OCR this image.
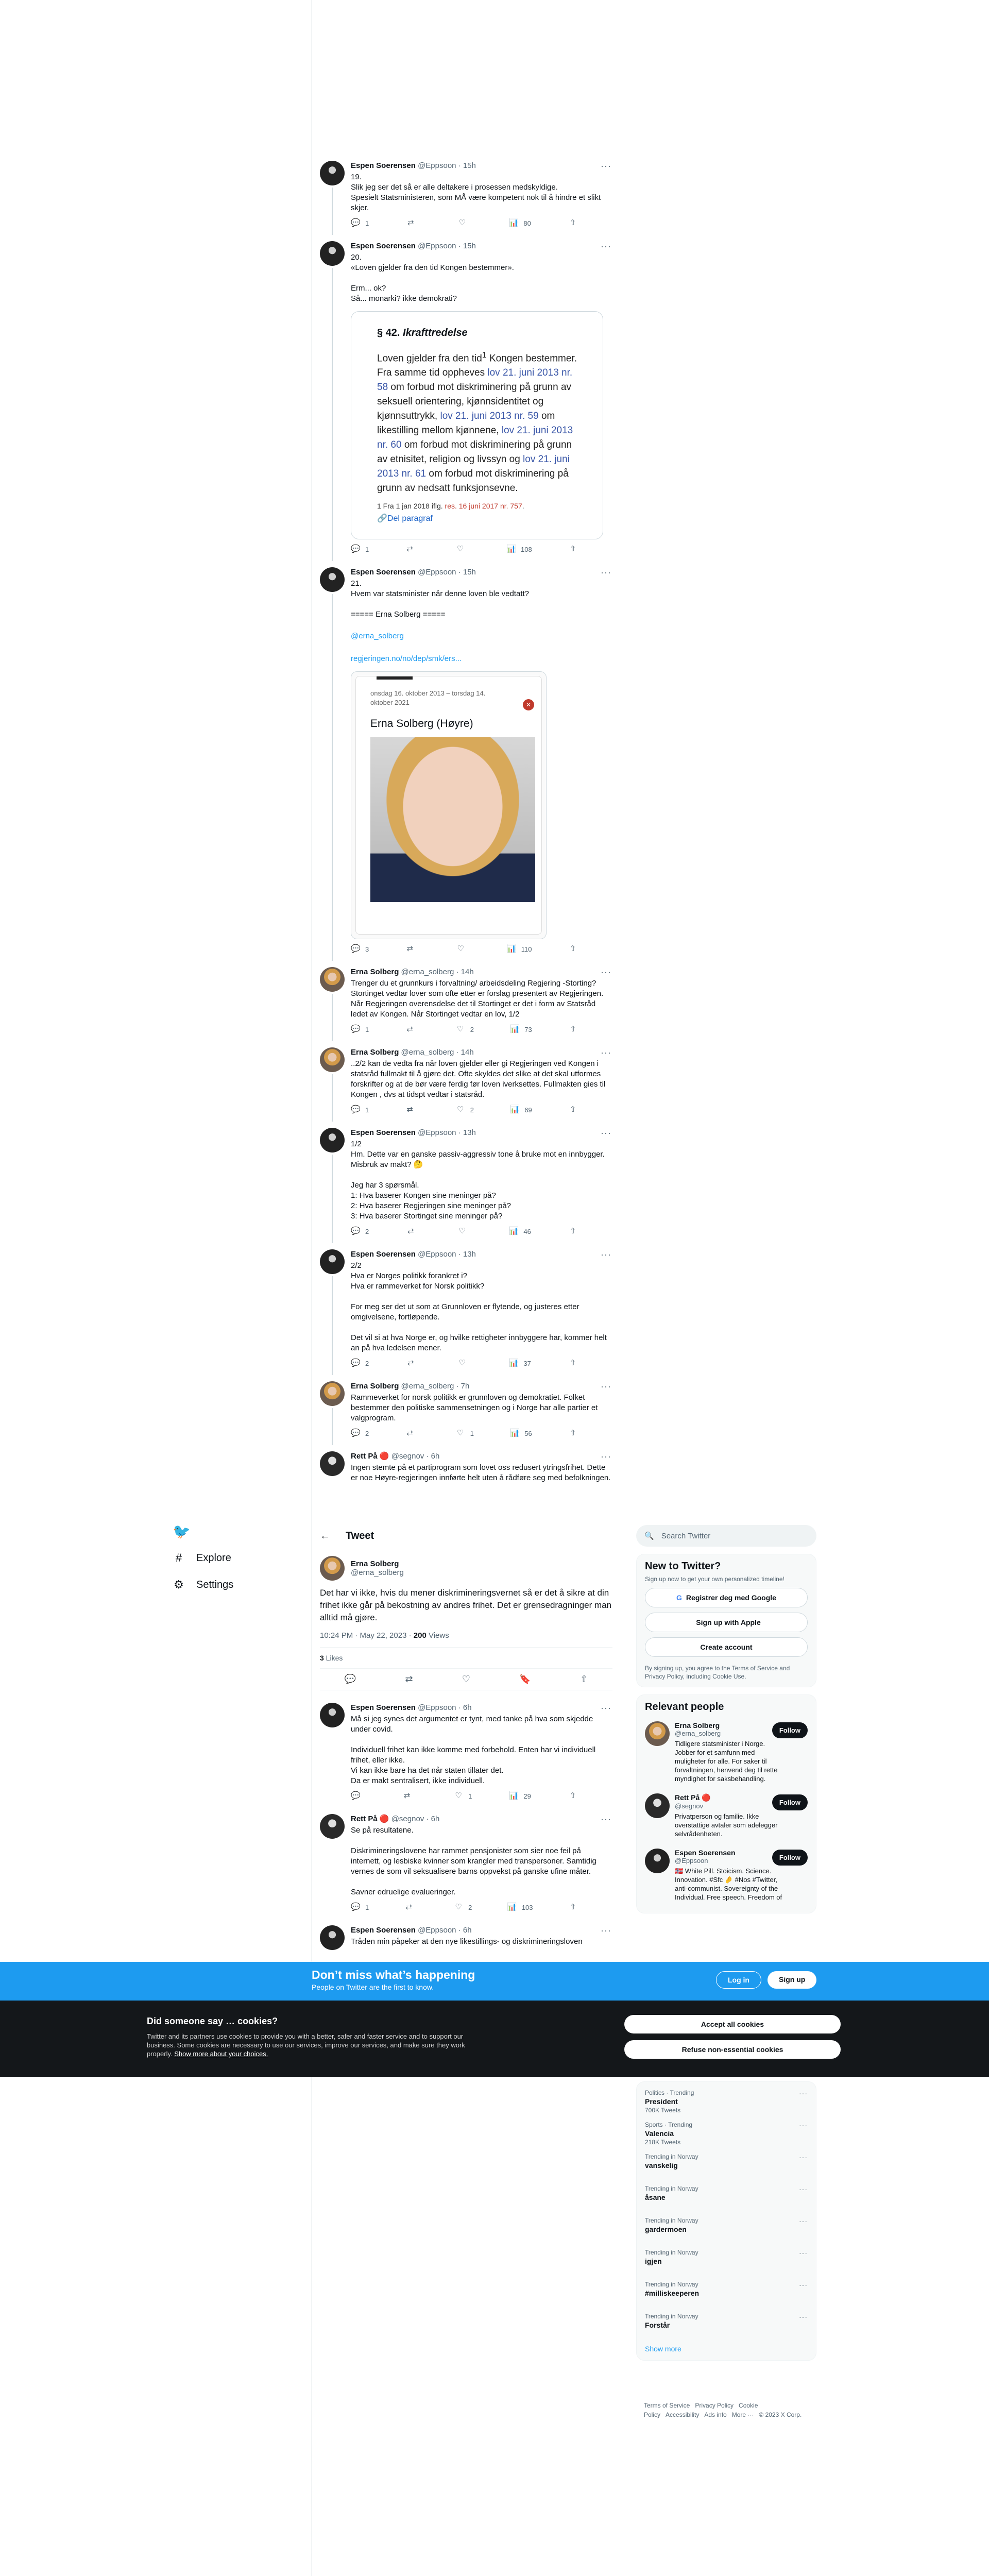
Espen Soerensen @Eppsoon · 15h	···
19.
Slik jeg ser det så er alle deltakere i prosessen medskyldige.
Spesielt Statsministeren, som MÅ være kompetent nok til å hindre et slikt skjer.
💬 1	⇄	♡	📊 80	⇧
Espen Soerensen @Eppsoon · 15h	···
20.
«Loven gjelder fra den tid Kongen bestemmer».

Erm... ok?
Så... monarki? ikke demokrati?
§ 42. Ikrafttredelse
Loven gjelder fra den tid$^1$ Kongen bestemmer. Fra samme tid oppheves lov 21. juni 2013 nr. 58 om forbud mot diskriminering på grunn av seksuell orientering, kjønnsidentitet og kjønnsuttrykk, lov 21. juni 2013 nr. 59 om likestilling mellom kjønnene, lov 21. juni 2013 nr. 60 om forbud mot diskriminering på grunn av etnisitet, religion og livssyn og lov 21. juni 2013 nr. 61 om forbud mot diskriminering på grunn av nedsatt funksjonsevne.
1 Fra 1 jan 2018 iflg. res. 16 juni 2017 nr. 757.
🔗Del paragraf
💬 1	⇄	♡	📊 108	⇧
Espen Soerensen @Eppsoon · 15h	···
21.
Hvem var statsminister når denne loven ble vedtatt?

===== Erna Solberg =====

@erna_solberg

regjeringen.no/no/dep/smk/ers...
onsdag 16. oktober 2013 – torsdag 14. oktober 2021	✕
Erna Solberg (Høyre)
💬 3	⇄	♡	📊 110	⇧
Erna Solberg @erna_solberg · 14h	···
Trenger du et grunnkurs i forvaltning/ arbeidsdeling Regjering -Storting? Stortinget vedtar lover som ofte etter er forslag presentert av Regjeringen. Når Regjeringen overensdelse det til Stortinget er det i form av Statsråd ledet av Kongen. Når Stortinget vedtar en lov, 1/2
💬 1	⇄	♡ 2	📊 73	⇧
Erna Solberg @erna_solberg · 14h	···
..2/2 kan de vedta fra når loven gjelder eller gi Regjeringen ved Kongen i statsråd fullmakt til å gjøre det. Ofte skyldes det slike at det skal utformes forskrifter og at de bør være ferdig før loven iverksettes. Fullmakten gies til Kongen , dvs at tidspt vedtar i statsråd.
💬 1	⇄	♡ 2	📊 69	⇧
Espen Soerensen @Eppsoon · 13h	···
1/2
Hm. Dette var en ganske passiv-aggressiv tone å bruke mot en innbygger. Misbruk av makt? 🤔

Jeg har 3 spørsmål.
1: Hva baserer Kongen sine meninger på?
2: Hva baserer Regjeringen sine meninger på?
3: Hva baserer Stortinget sine meninger på?
💬 2	⇄	♡	📊 46	⇧
Espen Soerensen @Eppsoon · 13h	···
2/2
Hva er Norges politikk forankret i?
Hva er rammeverket for Norsk politikk?

For meg ser det ut som at Grunnloven er flytende, og justeres etter omgivelsene, fortløpende.

Det vil si at hva Norge er, og hvilke rettigheter innbyggere har, kommer helt an på hva ledelsen mener.
💬 2	⇄	♡	📊 37	⇧
Erna Solberg @erna_solberg · 7h	···
Rammeverket for norsk politikk er grunnloven og demokratiet. Folket bestemmer den politiske sammensetningen og i Norge har alle partier et valgprogram.
💬 2	⇄	♡ 1	📊 56	⇧
Rett På 🔴 @segnov · 6h	···
Ingen stemte på et partiprogram som lovet oss redusert ytringsfrihet. Dette er noe Høyre-regjeringen innførte helt uten å rådføre seg med befolkningen.
🐦
# Explore
⚙ Settings
← Tweet
Erna Solberg
@erna_solberg
Det har vi ikke, hvis du mener diskrimineringsvernet så er det å sikre at din frihet ikke går på bekostning av andres frihet. Det er grensedragninger man alltid må gjøre.
10:24 PM · May 22, 2023 · 200 Views
3 Likes
💬	⇄	♡	🔖	⇧
Espen Soerensen @Eppsoon · 6h	···
Må si jeg synes det argumentet er tynt, med tanke på hva som skjedde under covid.

Individuell frihet kan ikke komme med forbehold. Enten har vi individuell frihet, eller ikke.
Vi kan ikke bare ha det når staten tillater det.
Da er makt sentralisert, ikke individuell.
💬	⇄	♡ 1	📊 29	⇧
Rett På 🔴 @segnov · 6h	···
Se på resultatene.

Diskrimineringslovene har rammet pensjonister som sier noe feil på internett, og lesbiske kvinner som krangler med transpersoner. Samtidig vernes de som vil seksualisere barns oppvekst på ganske ufine måter.

Savner edruelige evalueringer.
💬 1	⇄	♡ 2	📊 103	⇧
Espen Soerensen @Eppsoon · 6h	···
Tråden min påpeker at den nye likestillings- og diskrimineringsloven
🔍 Search Twitter
New to Twitter?
Sign up now to get your own personalized timeline!
G Registrer deg med Google
Sign up with Apple
Create account
By signing up, you agree to the Terms of Service and Privacy Policy, including Cookie Use.
Relevant people
Erna Solberg
@erna_solberg
Tidligere statsminister i Norge. Jobber for et samfunn med muligheter for alle. For saker til forvaltningen, henvend deg til rette myndighet for saksbehandling.
Follow
Rett På 🔴
@segnov
Privatperson og familie. Ikke overstattige avtaler som adelegger selvrådenheten.
Follow
Espen Soerensen
@Eppsoon
🇳🇴 White Pill. Stoicism. Science. Innovation. #Sfc 🤌 #Nos #Twitter, anti-communist. Sovereignty of the Individual. Free speech. Freedom of
Follow
Politics · Trending
President
700K Tweets
···
Sports · Trending
Valencia
218K Tweets
···
Trending in Norway
vanskelig
···
Trending in Norway
åsane
···
Trending in Norway
gardermoen
···
Trending in Norway
igjen
···
Trending in Norway
#milliskeeperen
···
Trending in Norway
Forstår
···
Show more
Terms of Service Privacy Policy Cookie Policy Accessibility Ads info More ··· © 2023 X Corp.
Don’t miss what’s happening
People on Twitter are the first to know.
Log in	Sign up
Did someone say … cookies?
Twitter and its partners use cookies to provide you with a better, safer and faster service and to support our business. Some cookies are necessary to use our services, improve our services, and make sure they work properly. Show more about your choices.
Accept all cookies
Refuse non-essential cookies
